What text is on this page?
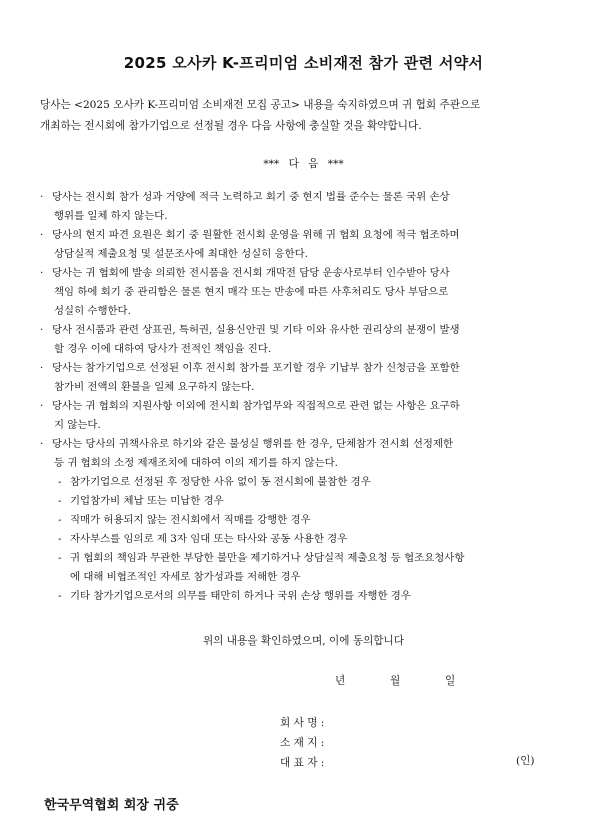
2025 오사카 K-프리미엄 소비재전 참가 관련 서약서
당사는 <2025 오사카 K-프리미엄 소비재전 모집 공고> 내용을 숙지하였으며 귀 협회 주관으로
개최하는 전시회에 참가기업으로 선정될 경우 다음 사항에 충실할 것을 확약합니다.
*** 다 음 ***
· 당사는 전시회 참가 성과 거양에 적극 노력하고 회기 중 현지 법률 준수는 물론 국위 손상
행위를 일체 하지 않는다.
· 당사의 현지 파견 요원은 회기 중 원활한 전시회 운영을 위해 귀 협회 요청에 적극 협조하며
상담실적 제출요청 및 설문조사에 최대한 성실히 응한다.
· 당사는 귀 협회에 발송 의뢰한 전시품을 전시회 개막전 담당 운송사로부터 인수받아 당사
책임 하에 회기 중 관리함은 물론 현지 매각 또는 반송에 따른 사후처리도 당사 부담으로
성실히 수행한다.
· 당사 전시품과 관련 상표권, 특허권, 실용신안권 및 기타 이와 유사한 권리상의 분쟁이 발생
할 경우 이에 대하여 당사가 전적인 책임을 진다.
· 당사는 참가기업으로 선정된 이후 전시회 참가를 포기할 경우 기납부 참가 신청금을 포함한
참가비 전액의 환불을 일체 요구하지 않는다.
· 당사는 귀 협회의 지원사항 이외에 전시회 참가업무와 직접적으로 관련 없는 사항은 요구하
지 않는다.
· 당사는 당사의 귀책사유로 하기와 같은 불성실 행위를 한 경우, 단체참가 전시회 선정제한
등 귀 협회의 소정 제재조치에 대하여 이의 제기를 하지 않는다.
- 참가기업으로 선정된 후 정당한 사유 없이 동 전시회에 불참한 경우
- 기업참가비 체납 또는 미납한 경우
- 직매가 허용되지 않는 전시회에서 직매를 강행한 경우
- 자사부스를 임의로 제 3자 임대 또는 타사와 공동 사용한 경우
- 귀 협회의 책임과 무관한 부당한 불만을 제기하거나 상담실적 제출요청 등 협조요청사항
에 대해 비협조적인 자세로 참가성과를 저해한 경우
- 기타 참가기업으로서의 의무를 태만히 하거나 국위 손상 행위를 자행한 경우
위의 내용을 확인하였으며, 이에 동의합니다
년	월	일
회 사 명 :
소 재 지 :
대 표 자 :	(인)
한국무역협회 회장 귀중
